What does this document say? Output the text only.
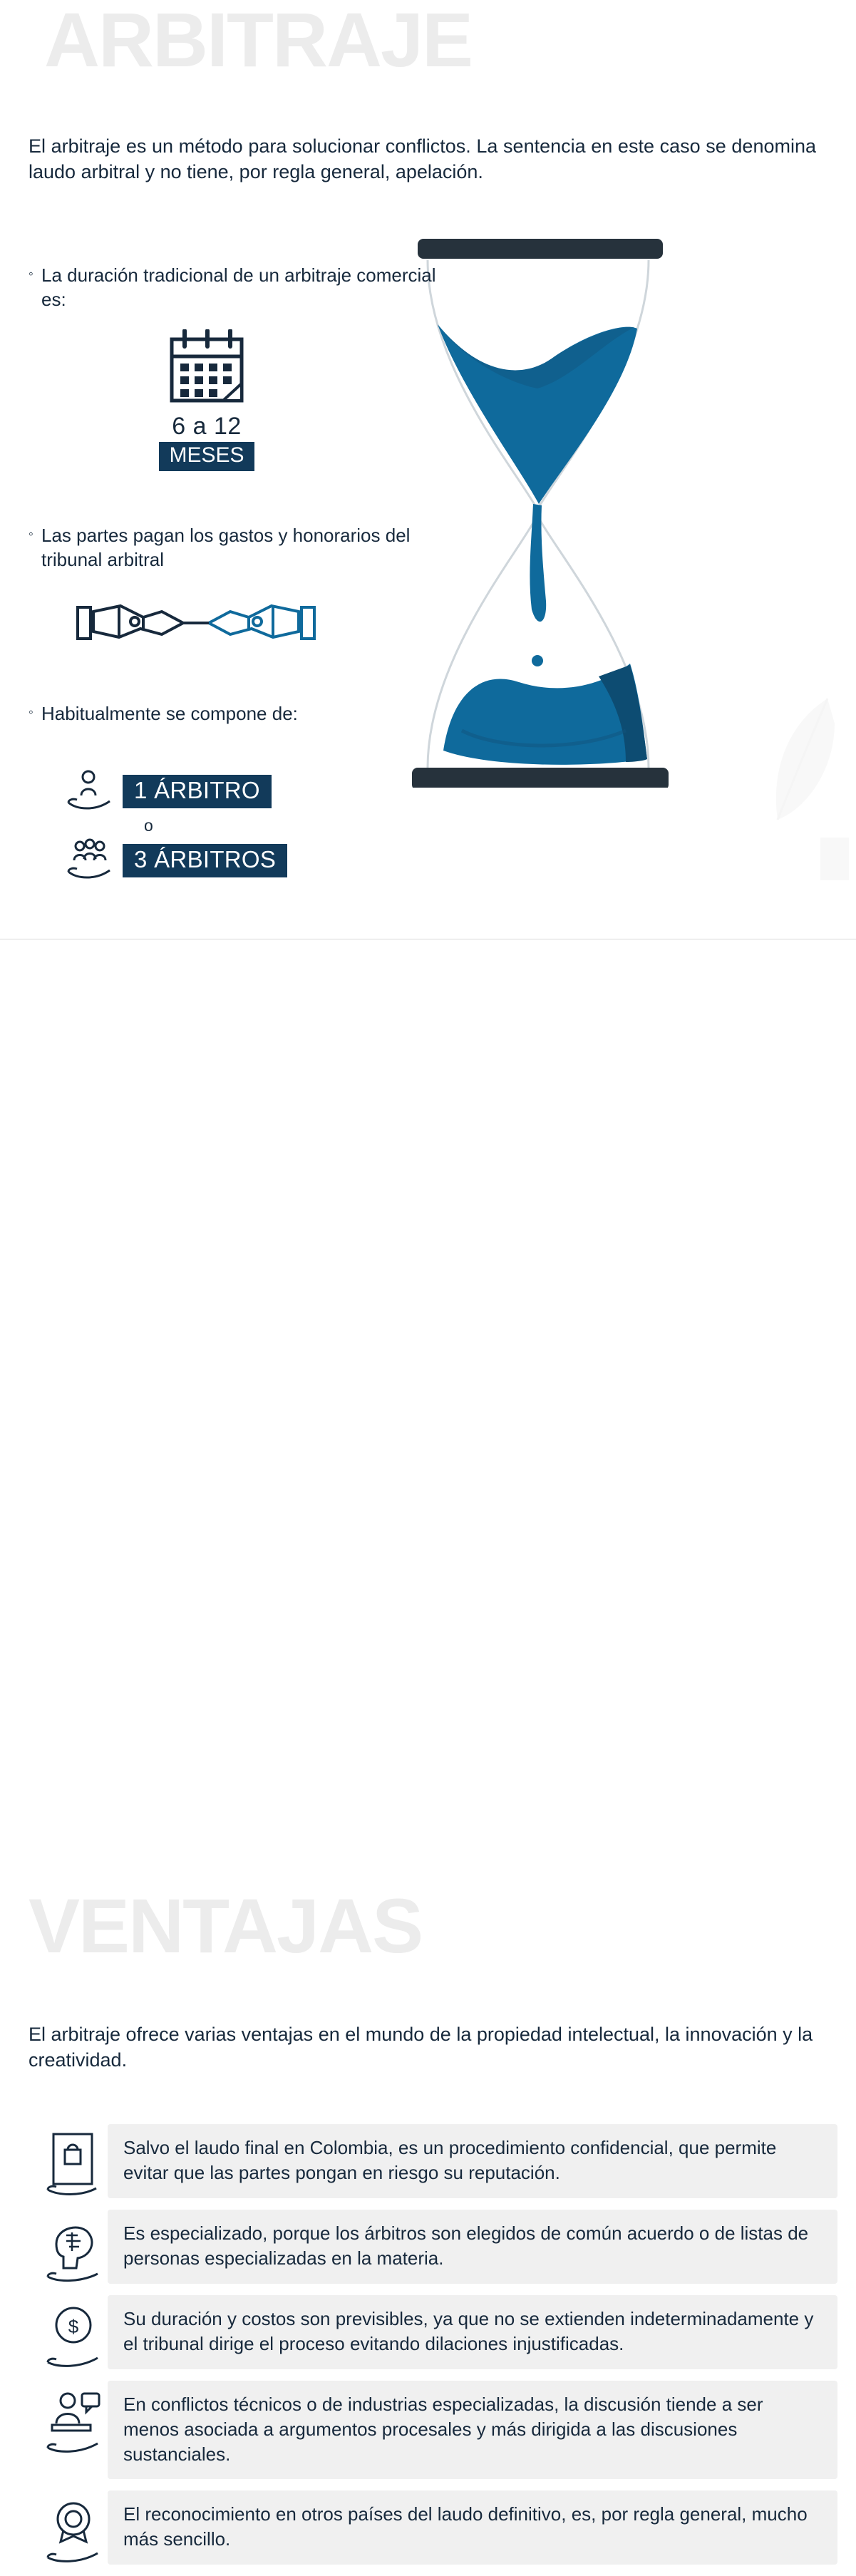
ARBITRAJE
El arbitraje es un método para solucionar conflictos. La sentencia en este caso se denomina laudo arbitral y no tiene, por regla general, apelación.
◦ La duración tradicional de un arbitraje comercial es:
6 a 12
MESES
◦ Las partes pagan los gastos y honorarios del tribunal arbitral
◦ Habitualmente se compone de:
1 ÁRBITRO
o
3 ÁRBITROS
VENTAJAS
El arbitraje ofrece varias ventajas en el mundo de la propiedad intelectual, la innovación y la creatividad.
Salvo el laudo final en Colombia, es un procedimiento confidencial, que permite evitar que las partes pongan en riesgo su reputación.
Es especializado, porque los árbitros son elegidos de común acuerdo o de listas de personas especializadas en la materia.
$	Su duración y costos son previsibles, ya que no se extienden indeterminadamente y el tribunal dirige el proceso evitando dilaciones injustificadas.
En conflictos técnicos o de industrias especializadas, la discusión tiende a ser menos asociada a argumentos procesales y más dirigida a las discusiones sustanciales.
El reconocimiento en otros países del laudo definitivo, es, por regla general, mucho más sencillo.
